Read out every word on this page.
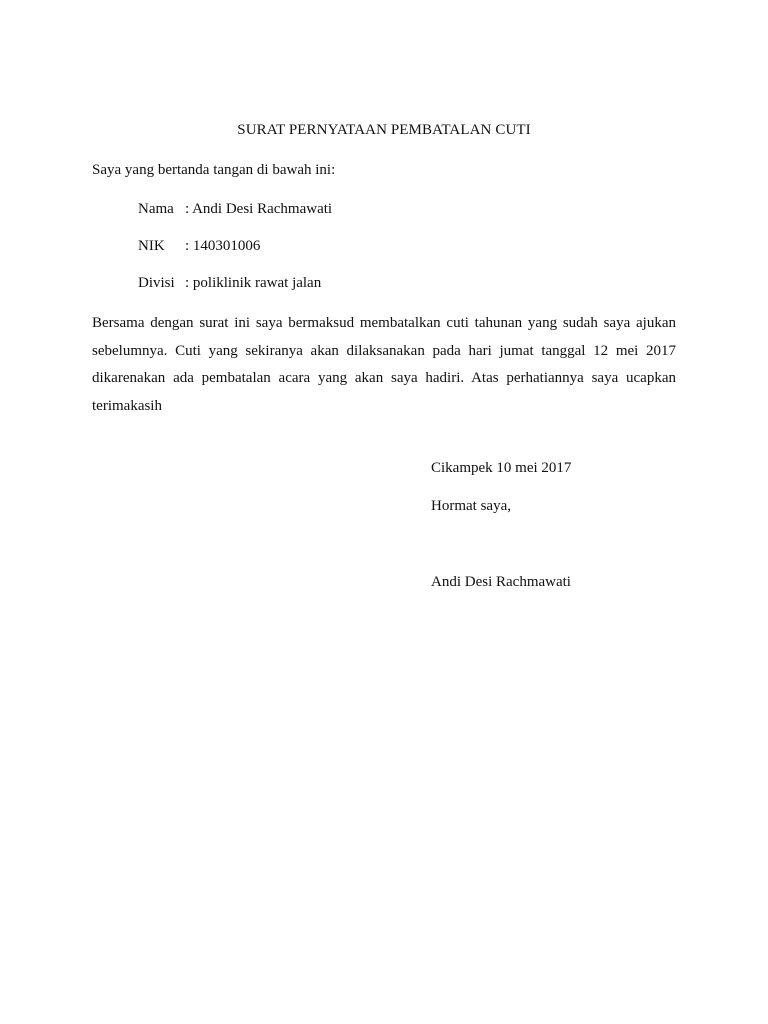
SURAT PERNYATAAN PEMBATALAN CUTI
Saya yang bertanda tangan di bawah ini:
Nama : Andi Desi Rachmawati
NIK	: 140301006
Divisi : poliklinik rawat jalan
Bersama dengan surat ini saya bermaksud membatalkan cuti tahunan yang sudah saya ajukan sebelumnya. Cuti yang sekiranya akan dilaksanakan pada hari jumat tanggal 12 mei 2017 dikarenakan ada pembatalan acara yang akan saya hadiri. Atas perhatiannya saya ucapkan terimakasih
Cikampek 10 mei 2017
Hormat saya,
Andi Desi Rachmawati
